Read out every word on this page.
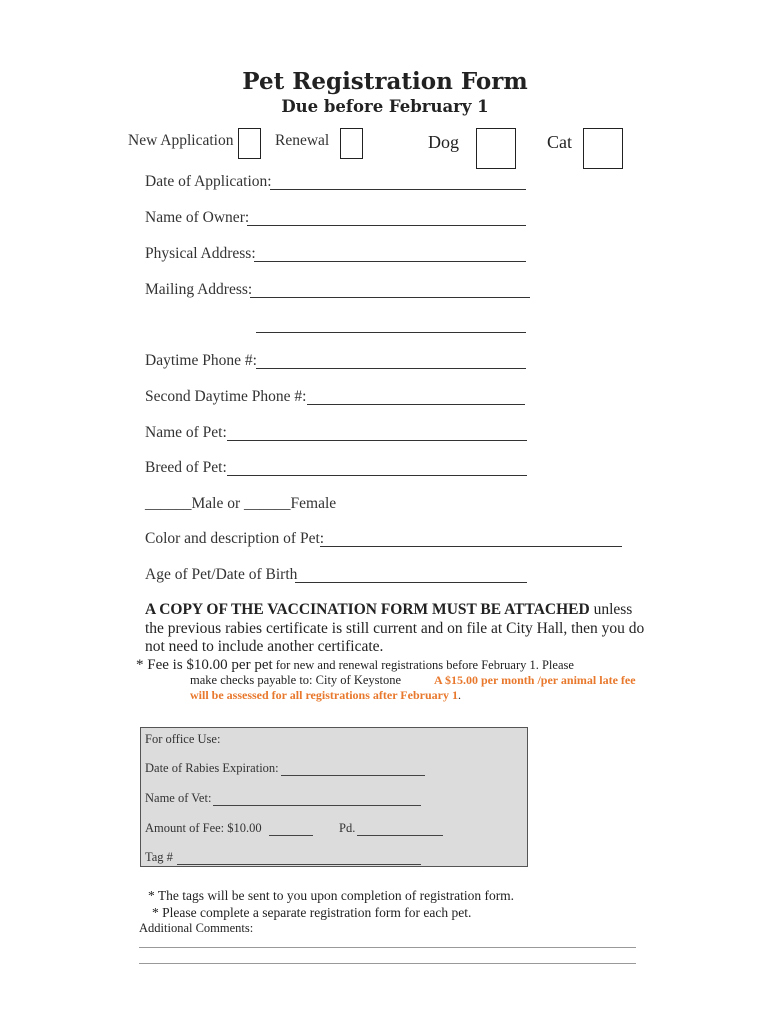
Pet Registration Form
Due before February 1
New Application	Renewal	Dog	Cat
Date of Application:
Name of Owner:
Physical Address:
Mailing Address:
Daytime Phone #:
Second Daytime Phone #:
Name of Pet:
Breed of Pet:
______Male or ______Female
Color and description of Pet:
Age of Pet/Date of Birth
A COPY OF THE VACCINATION FORM MUST BE ATTACHED unless
the previous rabies certificate is still current and on file at City Hall, then you do
not need to include another certificate.
* Fee is $10.00 per pet for new and renewal registrations before February 1. Please
make checks payable to: City of Keystone	A $15.00 per month /per animal late fee
will be assessed for all registrations after February 1.
For office Use:
Date of Rabies Expiration:
Name of Vet:
Amount of Fee: $10.00	Pd.
Tag #
* The tags will be sent to you upon completion of registration form.
* Please complete a separate registration form for each pet.
Additional Comments:
